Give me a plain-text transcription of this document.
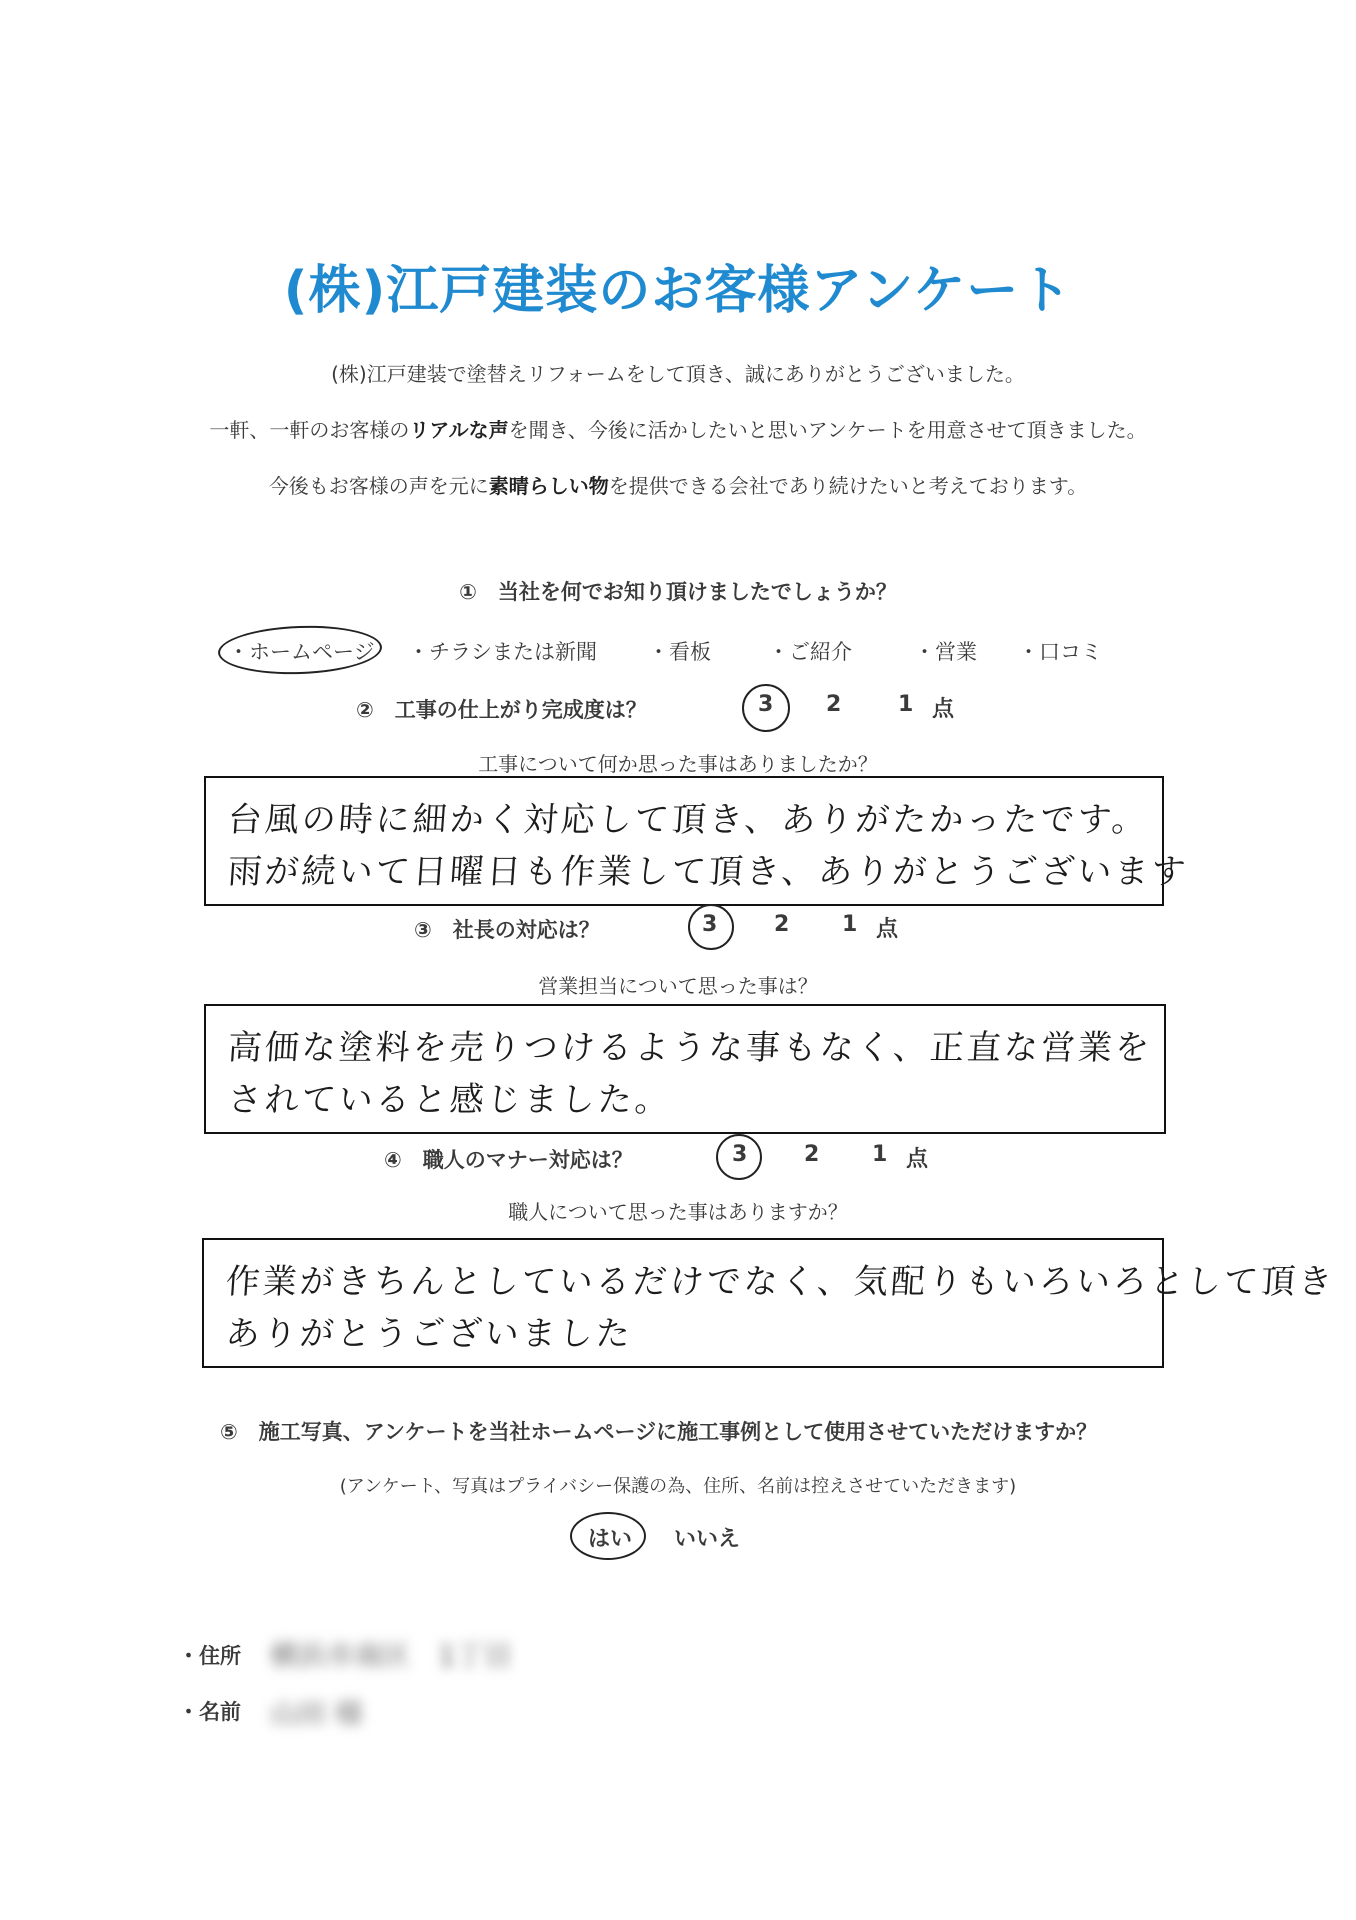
(株)江戸建装のお客様アンケート
(株)江戸建装で塗替えリフォームをして頂き、誠にありがとうございました。
一軒、一軒のお客様のリアルな声を聞き、今後に活かしたいと思いアンケートを用意させて頂きました。
今後もお客様の声を元に素晴らしい物を提供できる会社であり続けたいと考えております。
①　当社を何でお知り頂けましたでしょうか？
・ホームページ ・チラシまたは新聞 ・看板	・ご紹介	・営業 ・口コミ
②　工事の仕上がり完成度は？	3 2	1 点
工事について何か思った事はありましたか？
台風の時に細かく対応して頂き、ありがたかったです。
雨が続いて日曜日も作業して頂き、ありがとうございます
③　社長の対応は？	3	2 1 点
営業担当について思った事は？
高価な塗料を売りつけるような事もなく、正直な営業を
されていると感じました。
④　職人のマナー対応は？	3	2 1 点
職人について思った事はありますか？
作業がきちんとしているだけでなく、気配りもいろいろとして頂き
ありがとうございました
⑤　施工写真、アンケートを当社ホームページに施工事例として使用させていただけますか？
(アンケート、写真はプライバシー保護の為、住所、名前は控えさせていただきます)
はい いいえ
・住所 横浜市南区　1丁目
・名前 山田 様
